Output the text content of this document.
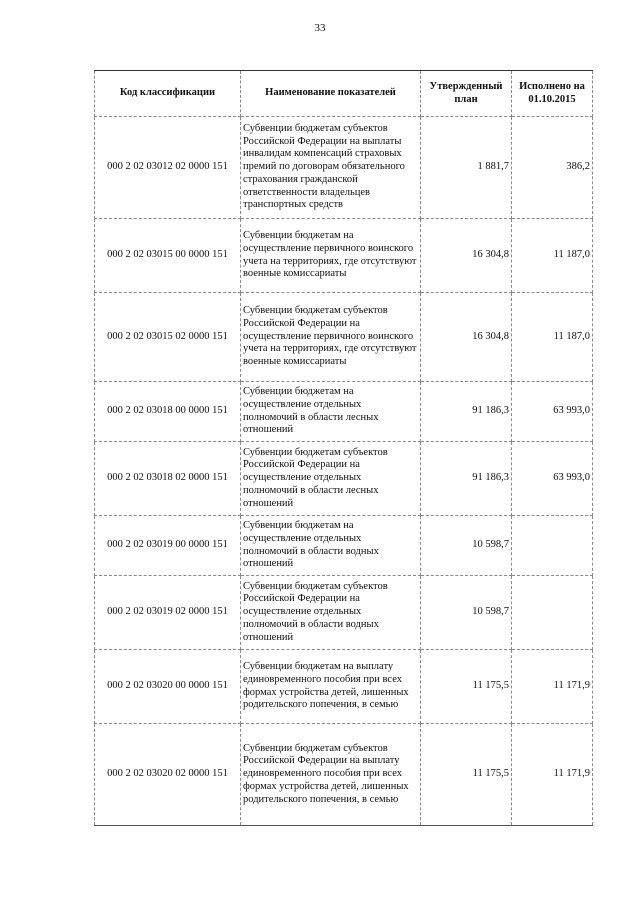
33
Код классификации	Наименование показателей	Утвержденный план	Исполнено на 01.10.2015
000 2 02 03012 02 0000 151	Субвенции бюджетам субъектов Российской Федерации на выплаты инвалидам компенсаций страховых премий по договорам обязательного страхования гражданской ответственности владельцев транспортных средств	1 881,7	386,2
000 2 02 03015 00 0000 151	Субвенции бюджетам на осуществление первичного воинского учета на территориях, где отсутствуют военные комиссариаты	16 304,8	11 187,0
000 2 02 03015 02 0000 151	Субвенции бюджетам субъектов Российской Федерации на осуществление первичного воинского учета на территориях, где отсутствуют военные комиссариаты	16 304,8	11 187,0
000 2 02 03018 00 0000 151	Субвенции бюджетам на осуществление отдельных полномочий в области лесных отношений	91 186,3	63 993,0
000 2 02 03018 02 0000 151	Субвенции бюджетам субъектов Российской Федерации на осуществление отдельных полномочий в области лесных отношений	91 186,3	63 993,0
000 2 02 03019 00 0000 151	Субвенции бюджетам на осуществление отдельных полномочий в области водных отношений	10 598,7	
000 2 02 03019 02 0000 151	Субвенции бюджетам субъектов Российской Федерации на осуществление отдельных полномочий в области водных отношений	10 598,7	
000 2 02 03020 00 0000 151	Субвенции бюджетам на выплату единовременного пособия при всех формах устройства детей, лишенных родительского попечения, в семью	11 175,5	11 171,9
000 2 02 03020 02 0000 151	Субвенции бюджетам субъектов Российской Федерации на выплату единовременного пособия при всех формах устройства детей, лишенных родительского попечения, в семью	11 175,5	11 171,9
